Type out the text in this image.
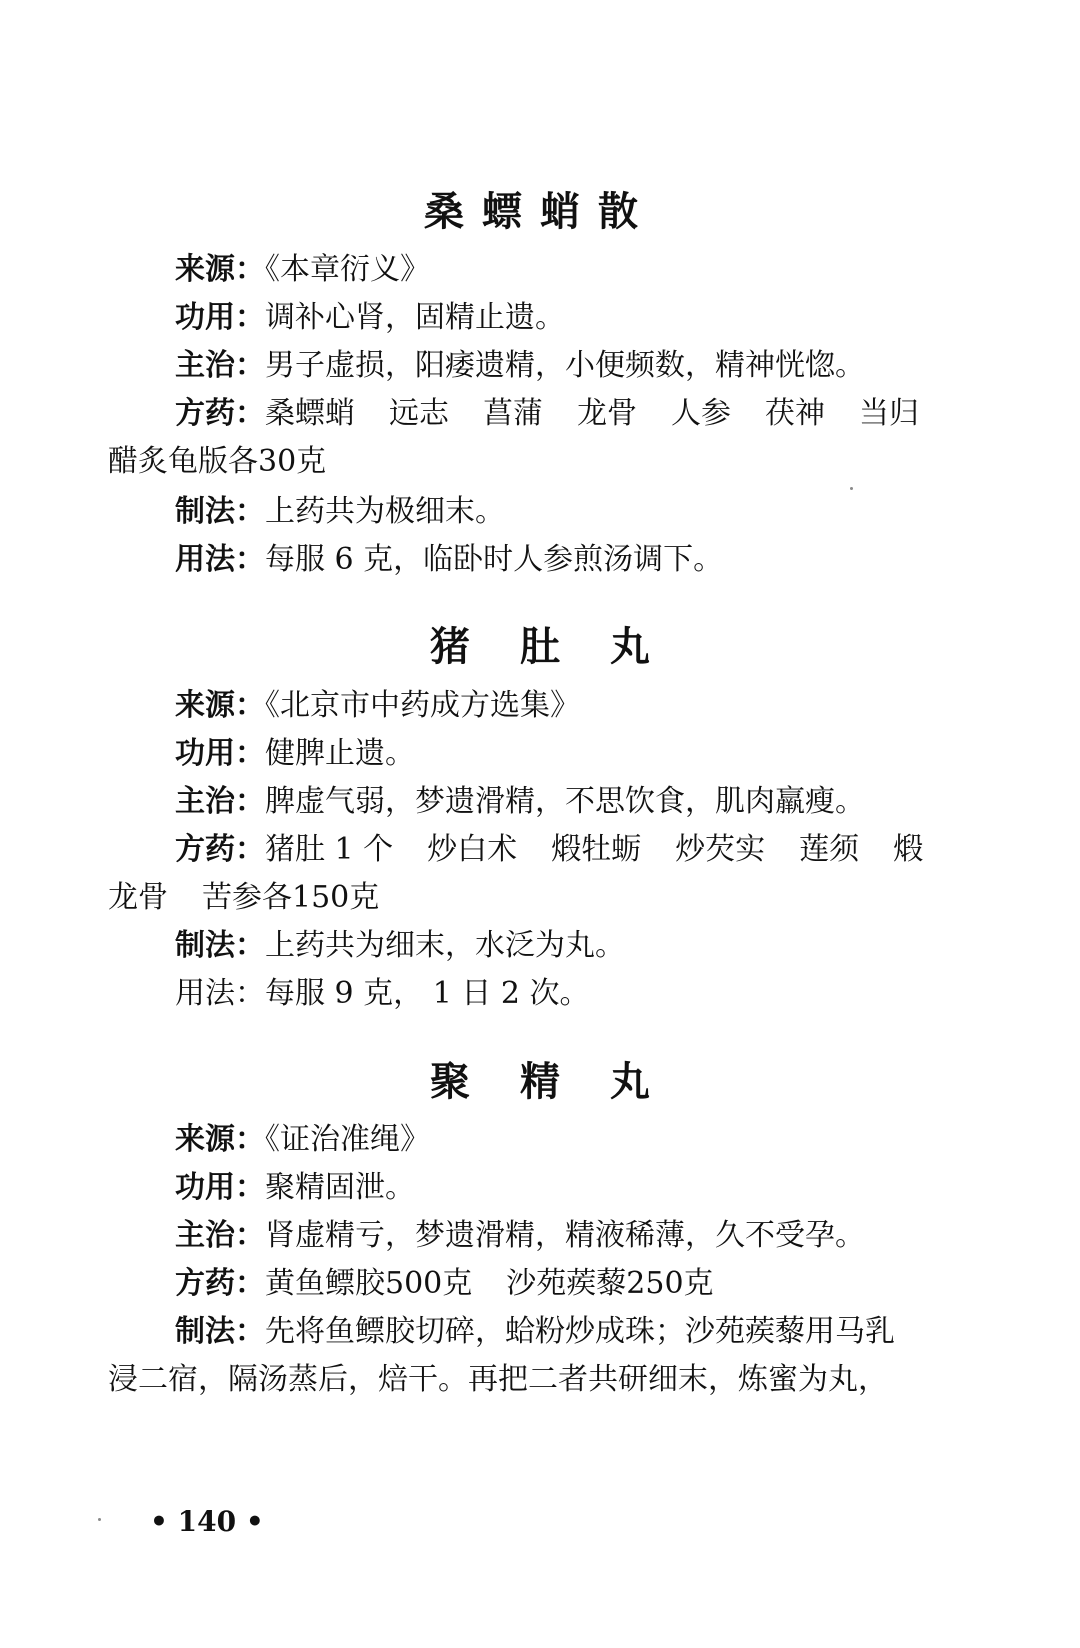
桑螵蛸散
来源：《本章衍义》
功用：调补心肾，固精止遗。
主治：男子虚损，阳痿遗精，小便频数，精神恍惚。
方药：桑螵蛸 远志 菖蒲 龙骨 人参 茯神 当归
醋炙龟版各30克
制法：上药共为极细末。
用法：每服 6 克，临卧时人参煎汤调下。
猪肚丸
来源：《北京市中药成方选集》
功用：健脾止遗。
主治：脾虚气弱，梦遗滑精，不思饮食，肌肉羸瘦。
方药：猪肚 1 个 炒白术 煅牡蛎 炒芡实 莲须 煅
龙骨 苦参各150克
制法：上药共为细末，水泛为丸。
用法：每服 9 克， 1 日 2 次。
聚精丸
来源：《证治准绳》
功用：聚精固泄。
主治：肾虚精亏，梦遗滑精，精液稀薄，久不受孕。
方药：黄鱼鳔胶500克 沙苑蒺藜250克
制法：先将鱼鳔胶切碎，蛤粉炒成珠；沙苑蒺藜用马乳
浸二宿，隔汤蒸后，焙干。再把二者共研细末，炼蜜为丸，
• 140 •
